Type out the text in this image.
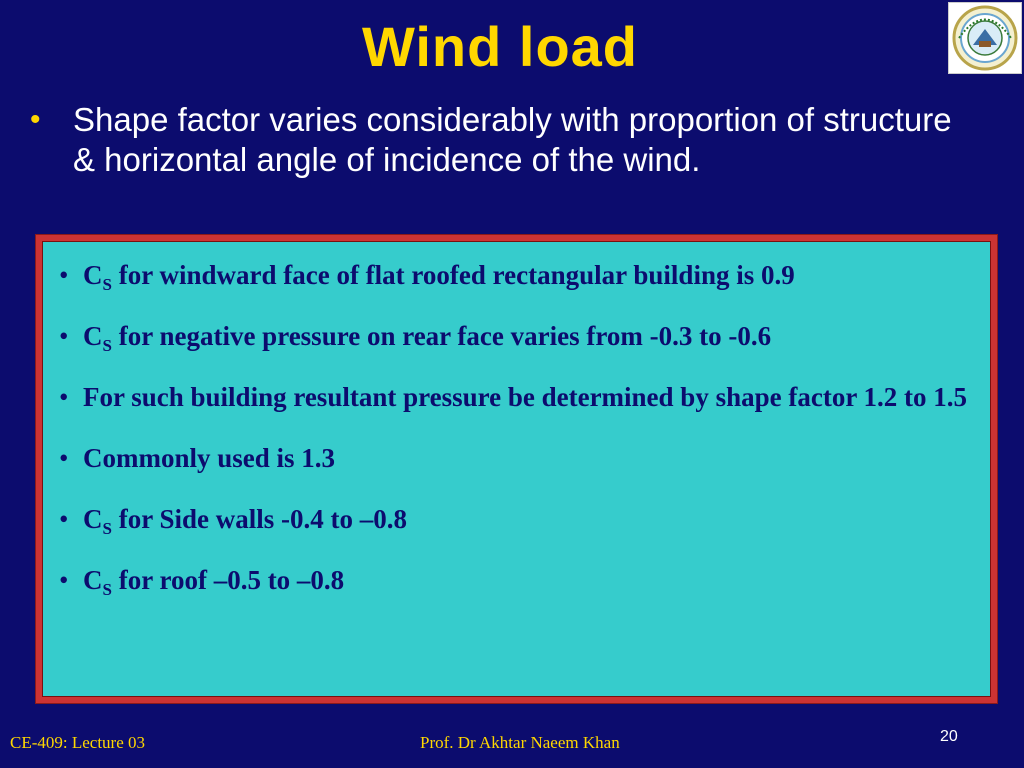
Wind load
• Shape factor varies considerably with proportion of structure & horizontal angle of incidence of the wind.
• $C_S$ for windward face of flat roofed rectangular building is 0.9
• $C_S$ for negative pressure on rear face varies from -0.3 to -0.6
• For such building resultant pressure be determined by shape factor 1.2 to 1.5
• Commonly used is 1.3
• $C_S$ for Side walls -0.4 to –0.8
• $C_S$ for roof –0.5 to –0.8
CE-409: Lecture 03	Prof. Dr Akhtar Naeem Khan	20
